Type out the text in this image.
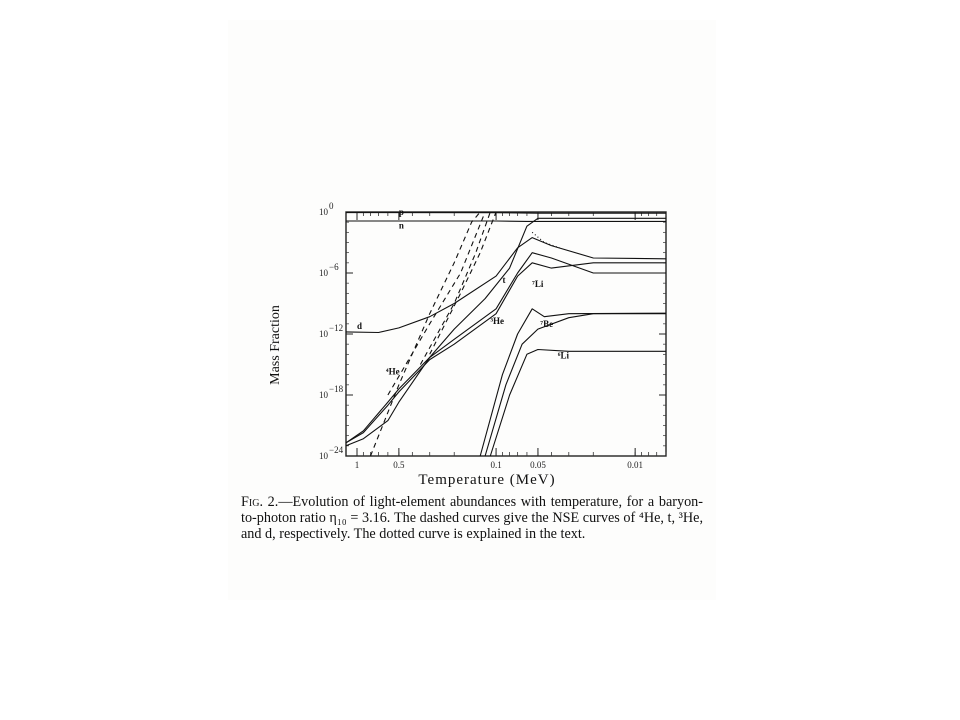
1	0.5	0.1	0.05	0.01
10
0
10
−6
10
−12
10
−18
10
−24
p
n
d
t	⁷Li
³He	⁷Be
⁶Li
⁴He
Mass Fraction
Temperature (MeV)
Fig. 2.—Evolution of light-element abundances with temperature, for a baryon-to-photon ratio η₁₀ = 3.16. The dashed curves give the NSE curves of ⁴He, t, ³He, and d, respectively. The dotted curve is explained in the text.
